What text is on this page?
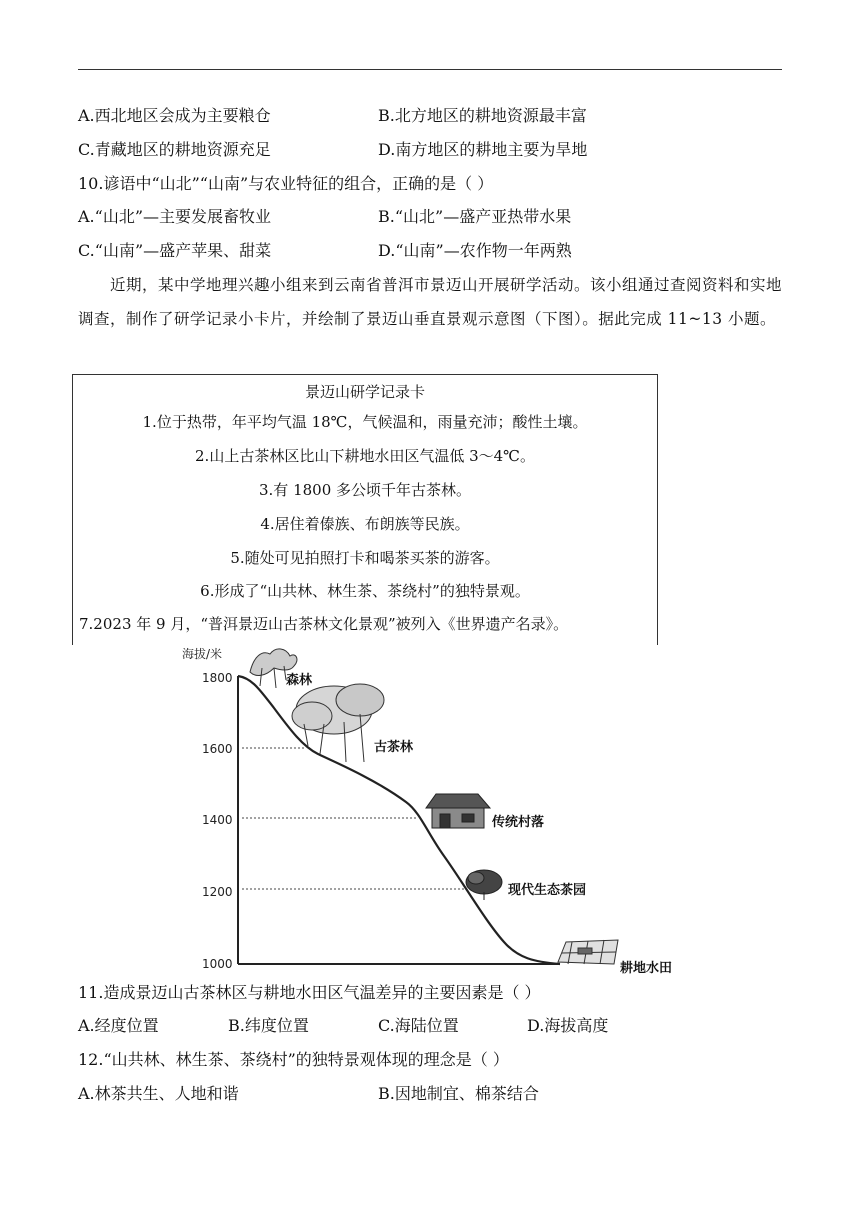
A.西北地区会成为主要粮仓	B.北方地区的耕地资源最丰富
C.青藏地区的耕地资源充足	D.南方地区的耕地主要为旱地
10.谚语中“山北”“山南”与农业特征的组合，正确的是（ ）
A.“山北”—主要发展畜牧业	B.“山北”—盛产亚热带水果
C.“山南”—盛产苹果、甜菜	D.“山南”—农作物一年两熟
近期，某中学地理兴趣小组来到云南省普洱市景迈山开展研学活动。该小组通过查阅资料和实地调查，制作了研学记录小卡片，并绘制了景迈山垂直景观示意图（下图）。据此完成 11~13 小题。
景迈山研学记录卡
1.位于热带，年平均气温 18℃，气候温和，雨量充沛；酸性土壤。
2.山上古茶林区比山下耕地水田区气温低 3～4℃。
3.有 1800 多公顷千年古茶林。
4.居住着傣族、布朗族等民族。
5.随处可见拍照打卡和喝茶买茶的游客。
6.形成了“山共林、林生茶、茶绕村”的独特景观。
7.2023 年 9 月，“普洱景迈山古茶林文化景观”被列入《世界遗产名录》。
海拔/米
1800
1600
1400
1200
1000
森林
古茶林
传统村落
现代生态茶园
耕地水田
11.造成景迈山古茶林区与耕地水田区气温差异的主要因素是（ ）
A.经度位置	B.纬度位置	C.海陆位置	D.海拔高度
12.“山共林、林生茶、茶绕村”的独特景观体现的理念是（ ）
A.林茶共生、人地和谐	B.因地制宜、棉茶结合
